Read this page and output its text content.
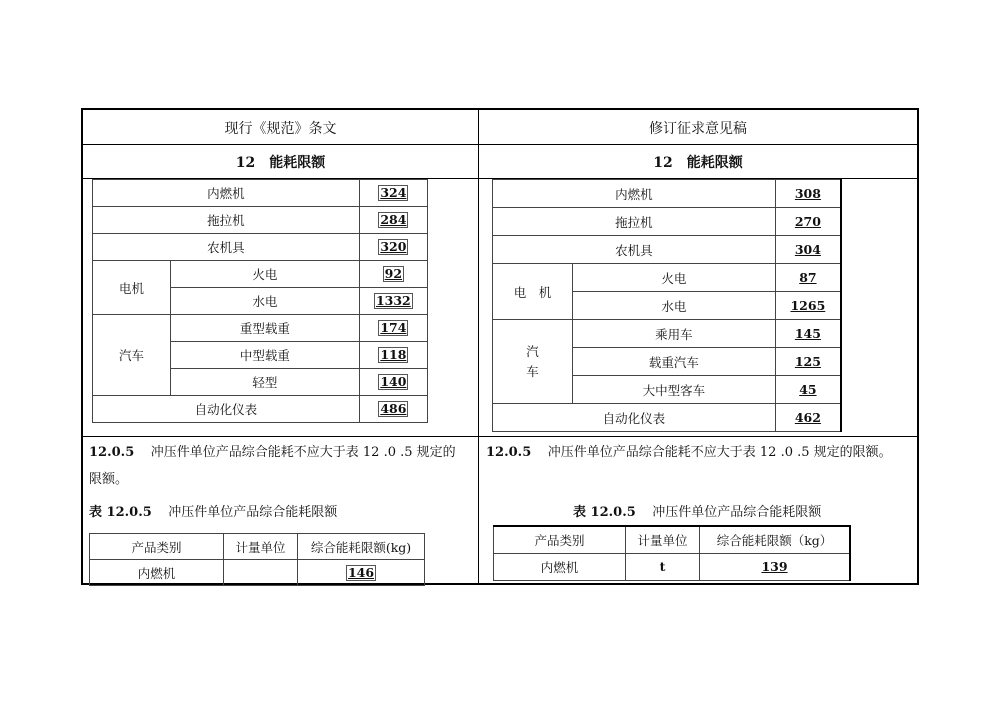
现行《规范》条文	修订征求意见稿
12　能耗限额	12　能耗限额
内燃机		324
拖拉机		284
农机具		320
电机	火电	92
	水电	1332
汽车	重型载重	174
	中型载重	118
	轻型	140
自动化仪表		486
内燃机		308
拖拉机		270
农机具		304
电　机	火电	87
	水电	1265
汽车	乘用车	145
	载重汽车	125
	大中型客车	45
自动化仪表		462
12.0.5 冲压件单位产品综合能耗不应大于表 12 .0 .5 规定的
限额。
表 12.0.5 冲压件单位产品综合能耗限额
12.0.5 冲压件单位产品综合能耗不应大于表 12 .0 .5 规定的限额。
表 12.0.5 冲压件单位产品综合能耗限额
产品类别	计量单位	综合能耗限额(kg)
内燃机		146
产品类别	计量单位	综合能耗限额（kg）
内燃机	t	139
